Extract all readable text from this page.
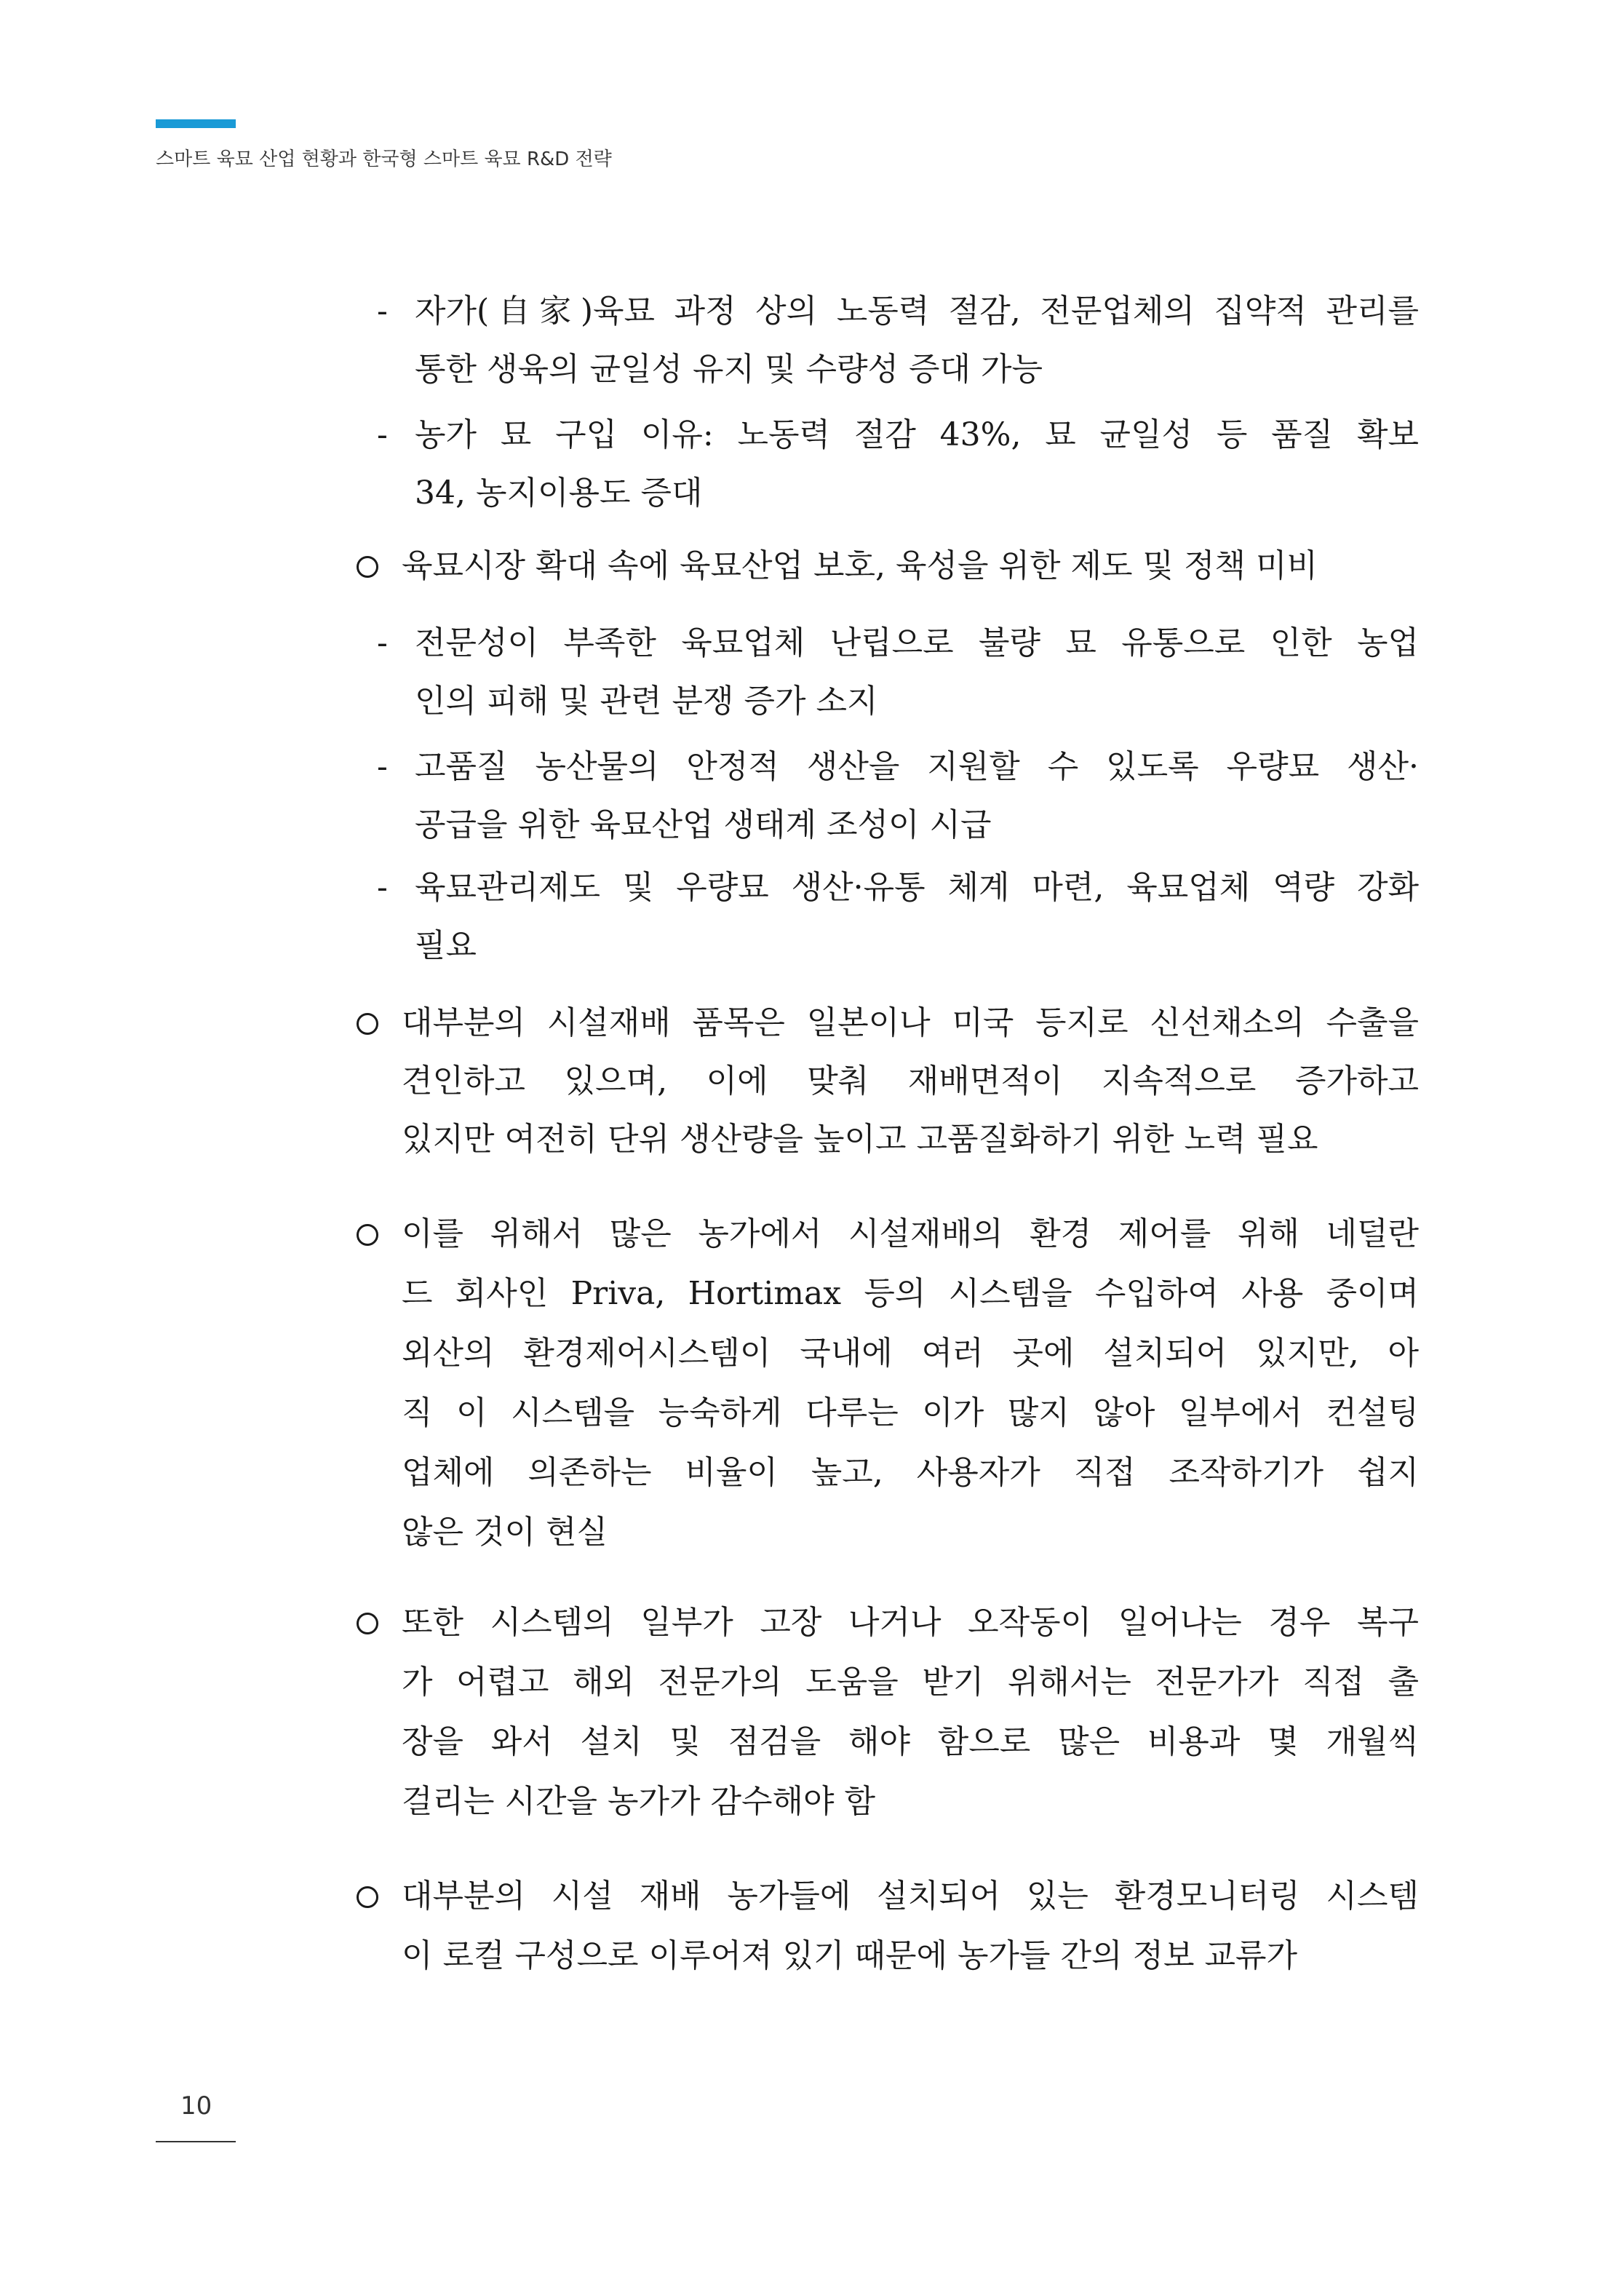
스마트 육묘 산업 현황과 한국형 스마트 육묘 R&D 전략
- 자가(自家)육묘 과정 상의 노동력 절감, 전문업체의 집약적 관리를
통한 생육의 균일성 유지 및 수량성 증대 가능
- 농가 묘 구입 이유: 노동력 절감 43%, 묘 균일성 등 품질 확보
34, 농지이용도 증대
육묘시장 확대 속에 육묘산업 보호, 육성을 위한 제도 및 정책 미비
- 전문성이 부족한 육묘업체 난립으로 불량 묘 유통으로 인한 농업
인의 피해 및 관련 분쟁 증가 소지
- 고품질 농산물의 안정적 생산을 지원할 수 있도록 우량묘 생산·
공급을 위한 육묘산업 생태계 조성이 시급
- 육묘관리제도 및 우량묘 생산·유통 체계 마련, 육묘업체 역량 강화
필요
대부분의 시설재배 품목은 일본이나 미국 등지로 신선채소의 수출을
견인하고 있으며, 이에 맞춰 재배면적이 지속적으로 증가하고
있지만 여전히 단위 생산량을 높이고 고품질화하기 위한 노력 필요
이를 위해서 많은 농가에서 시설재배의 환경 제어를 위해 네덜란
드 회사인 Priva, Hortimax 등의 시스템을 수입하여 사용 중이며
외산의 환경제어시스템이 국내에 여러 곳에 설치되어 있지만, 아
직 이 시스템을 능숙하게 다루는 이가 많지 않아 일부에서 컨설팅
업체에 의존하는 비율이 높고, 사용자가 직접 조작하기가 쉽지
않은 것이 현실
또한 시스템의 일부가 고장 나거나 오작동이 일어나는 경우 복구
가 어렵고 해외 전문가의 도움을 받기 위해서는 전문가가 직접 출
장을 와서 설치 및 점검을 해야 함으로 많은 비용과 몇 개월씩
걸리는 시간을 농가가 감수해야 함
대부분의 시설 재배 농가들에 설치되어 있는 환경모니터링 시스템
이 로컬 구성으로 이루어져 있기 때문에 농가들 간의 정보 교류가
10
